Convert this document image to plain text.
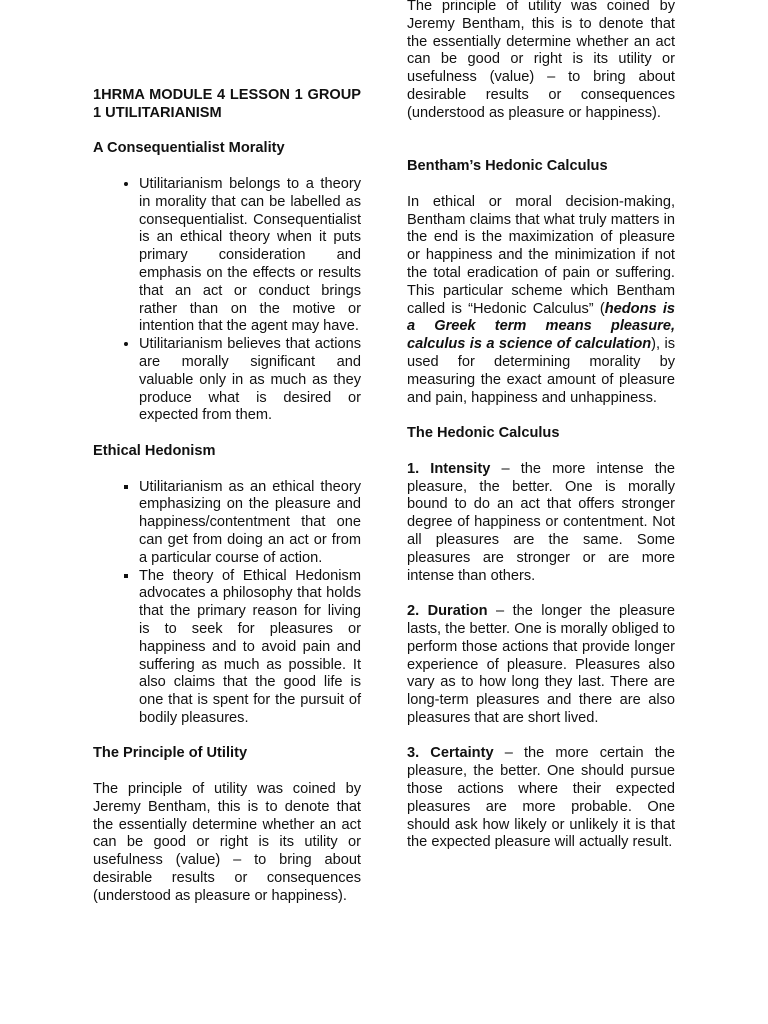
1HRMA MODULE 4 LESSON 1 GROUP 1 UTILITARIANISM

A Consequentialist Morality

• Utilitarianism belongs to a theory in morality that can be labelled as consequentialist. Consequentialist is an ethical theory when it puts primary consideration and emphasis on the effects or results that an act or conduct brings rather than on the motive or intention that the agent may have.
• Utilitarianism believes that actions are morally significant and valuable only in as much as they produce what is desired or expected from them.

Ethical Hedonism

▪ Utilitarianism as an ethical theory emphasizing on the pleasure and happiness/contentment that one can get from doing an act or from a particular course of action.
▪ The theory of Ethical Hedonism advocates a philosophy that holds that the primary reason for living is to seek for pleasures or happiness and to avoid pain and suffering as much as possible. It also claims that the good life is one that is spent for the pursuit of bodily pleasures.

The Principle of Utility

The principle of utility was coined by Jeremy Bentham, this is to denote that the essentially determine whether an act can be good or right is its utility or usefulness (value) – to bring about desirable results or consequences (understood as pleasure or happiness).

The principle of utility was coined by Jeremy Bentham, this is to denote that the essentially determine whether an act can be good or right is its utility or usefulness (value) – to bring about desirable results or consequences (understood as pleasure or happiness).

Bentham’s Hedonic Calculus

In ethical or moral decision-making, Bentham claims that what truly matters in the end is the maximization of pleasure or happiness and the minimization if not the total eradication of pain or suffering. This particular scheme which Bentham called is “Hedonic Calculus” (hedons is a Greek term means pleasure, calculus is a science of calculation), is used for determining morality by measuring the exact amount of pleasure and pain, happiness and unhappiness.

The Hedonic Calculus

1. Intensity – the more intense the pleasure, the better. One is morally bound to do an act that offers stronger degree of happiness or contentment. Not all pleasures are the same. Some pleasures are stronger or are more intense than others.

2. Duration – the longer the pleasure lasts, the better. One is morally obliged to perform those actions that provide longer experience of pleasure. Pleasures also vary as to how long they last. There are long-term pleasures and there are also pleasures that are short lived.

3. Certainty – the more certain the pleasure, the better. One should pursue those actions where their expected pleasures are more probable. One should ask how likely or unlikely it is that the expected pleasure will actually result.
